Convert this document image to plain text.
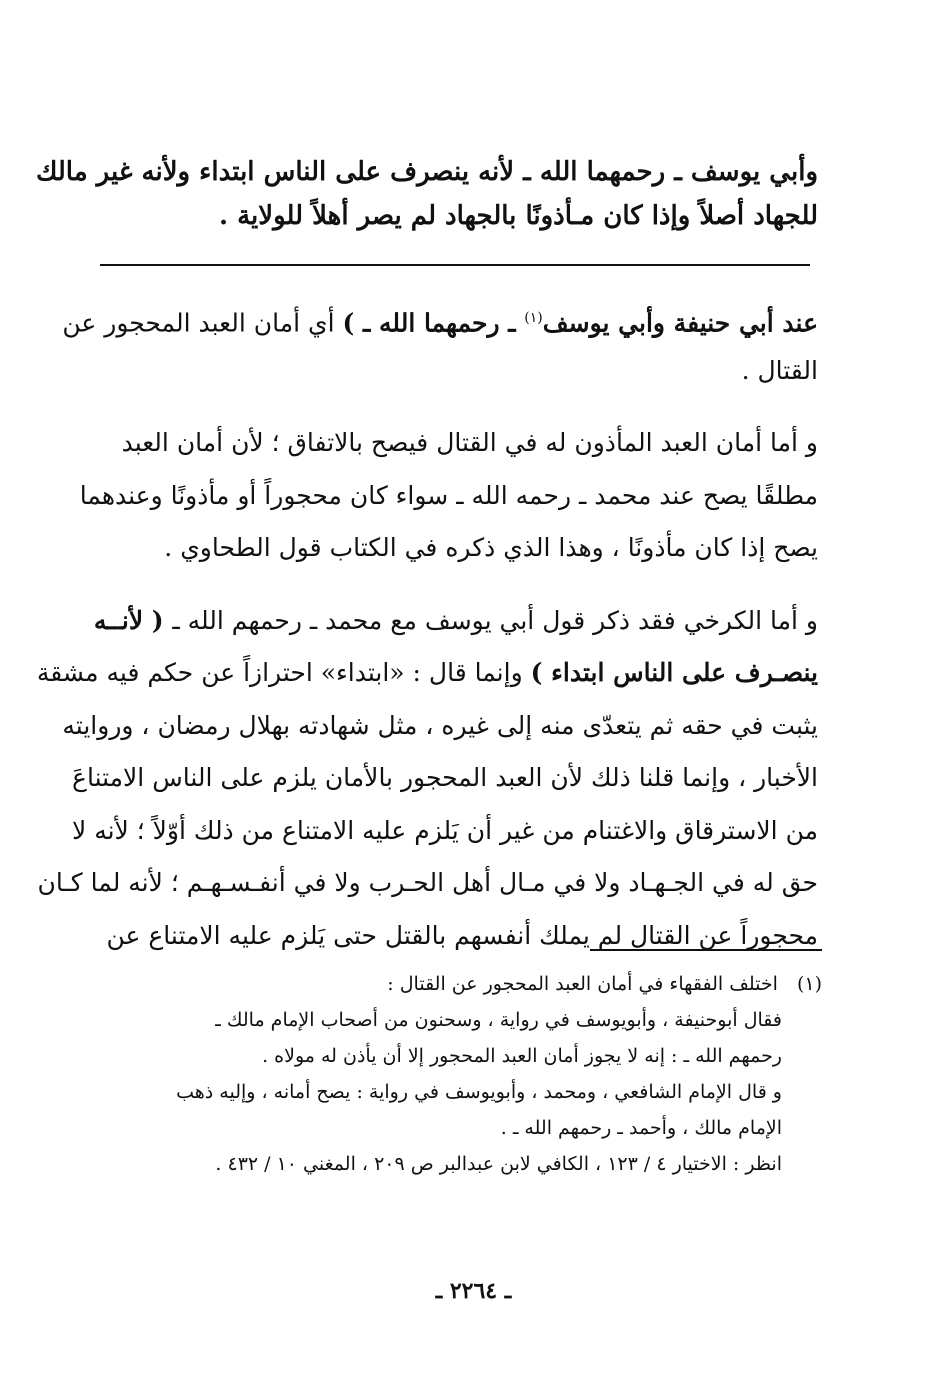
وأبي يوسف ـ رحمهما الله ـ لأنه ينصرف على الناس ابتداء ولأنه غير مالك
للجهاد أصلاً وإذا كان مـأذونًا بالجهاد لم يصر أهلاً للولاية .
عند أبي حنيفة وأبي يوسف$^{(١)}$ ـ رحمهما الله ـ ) أي أمان العبد المحجور عن
القتال .
و أما أمان العبد المأذون له في القتال فيصح بالاتفاق ؛ لأن أمان العبد
مطلقًا يصح عند محمد ـ رحمه الله ـ سواء كان محجوراً أو مأذونًا وعندهما
يصح إذا كان مأذونًا ، وهذا الذي ذكره في الكتاب قول الطحاوي .
و أما الكرخي فقد ذكر قول أبي يوسف مع محمد ـ رحمهم الله ـ ( لأنــه
ينصـرف على الناس ابتداء ) وإنما قال : «ابتداء» احترازاً عن حكم فيه مشقة
يثبت في حقه ثم يتعدّى منه إلى غيره ، مثل شهادته بهلال رمضان ، وروايته
الأخبار ، وإنما قلنا ذلك لأن العبد المحجور بالأمان يلزم على الناس الامتناعَ
من الاسترقاق والاغتنام من غير أن يَلزم عليه الامتناع من ذلك أوّلاً ؛ لأنه لا
حق له في الجـهـاد ولا في مـال أهل الحـرب ولا في أنفـسـهـم ؛ لأنه لما كـان
محجوراً عن القتال لم يملك أنفسهم بالقتل حتى يَلزم عليه الامتناع عن
(١) اختلف الفقهاء في أمان العبد المحجور عن القتال :
فقال أبوحنيفة ، وأبويوسف في رواية ، وسحنون من أصحاب الإمام مالك ـ
رحمهم الله ـ : إنه لا يجوز أمان العبد المحجور إلا أن يأذن له مولاه .
و قال الإمام الشافعي ، ومحمد ، وأبويوسف في رواية : يصح أمانه ، وإليه ذهب
الإمام مالك ، وأحمد ـ رحمهم الله ـ .
انظر : الاختيار ٤ / ١٢٣ ، الكافي لابن عبدالبر ص ٢٠٩ ، المغني ١٠ / ٤٣٢ .
ـ ٢٢٦٤ ـ
